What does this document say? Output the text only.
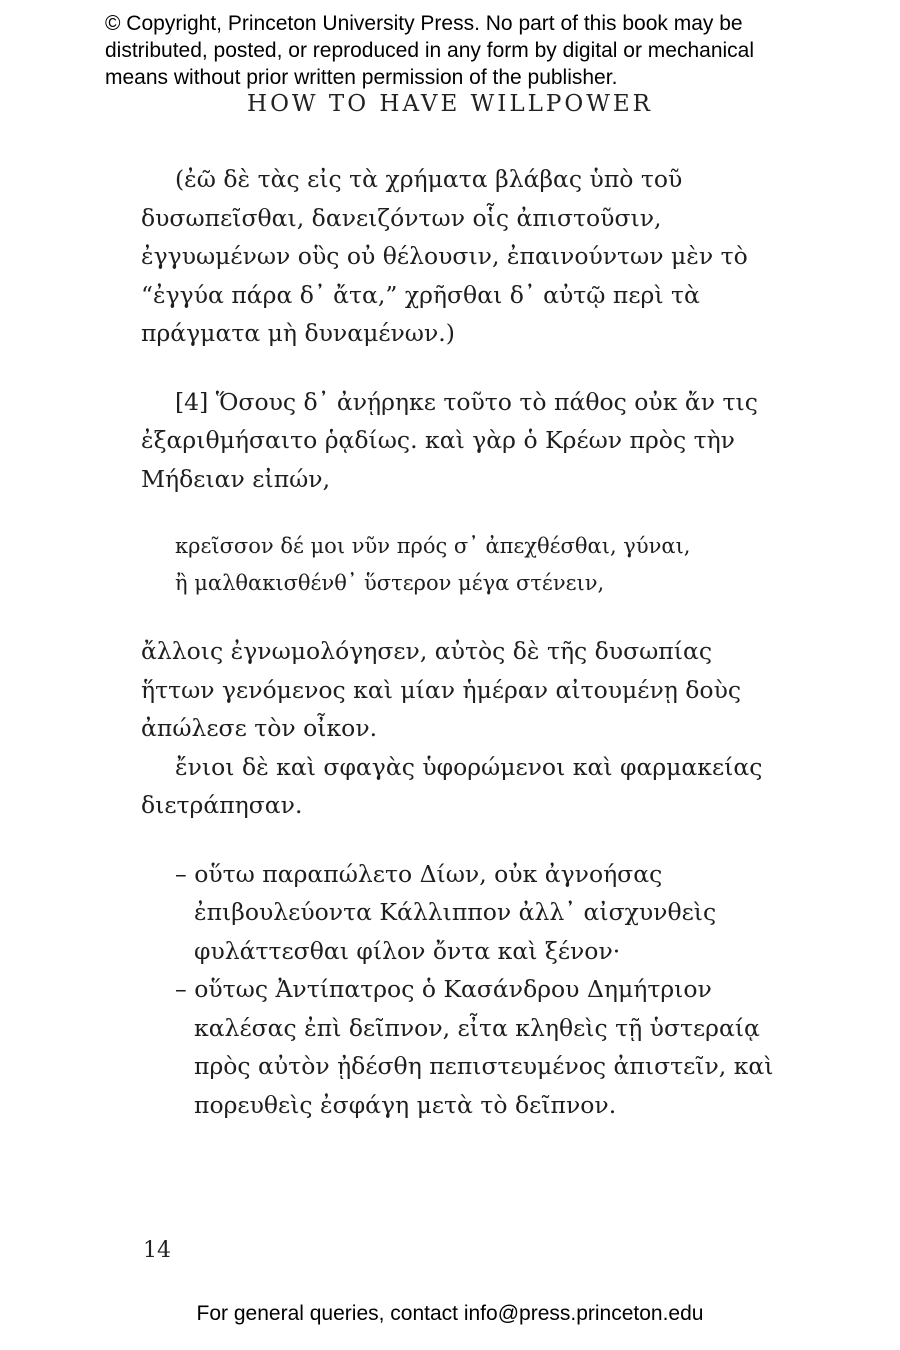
© Copyright, Princeton University Press. No part of this book may be
distributed, posted, or reproduced in any form by digital or mechanical
means without prior written permission of the publisher.
HOW TO HAVE WILLPOWER

(ἐῶ δὲ τὰς εἰς τὰ χρήματα βλάβας ὑπὸ τοῦ δυσωπεῖσθαι, δανειζόντων οἷς ἀπιστοῦσιν, ἐγγυωμένων οὓς οὐ θέλουσιν, ἐπαινούντων μὲν τὸ “ἐγγύα πάρα δ᾽ ἄτα,” χρῆσθαι δ᾽ αὐτῷ περὶ τὰ πράγματα μὴ δυναμένων.)

[4] Ὅσους δ᾽ ἀνῄρηκε τοῦτο τὸ πάθος οὐκ ἄν τις ἐξαριθμήσαιτο ῥᾳδίως. καὶ γὰρ ὁ Κρέων πρὸς τὴν Μήδειαν εἰπών,

κρεῖσσον δέ μοι νῦν πρός σ᾽ ἀπεχθέσθαι, γύναι,

ἢ μαλθακισθένθ᾽ ὕστερον μέγα στένειν,

ἄλλοις ἐγνωμολόγησεν, αὐτὸς δὲ τῆς δυσωπίας ἥττων γενόμενος καὶ μίαν ἡμέραν αἰτουμένῃ δοὺς ἀπώλεσε τὸν οἶκον.

ἔνιοι δὲ καὶ σφαγὰς ὑφορώμενοι καὶ φαρμακείας διετράπησαν.

– οὕτω παραπώλετο Δίων, οὐκ ἀγνοήσας ἐπιβουλεύοντα Κάλλιππον ἀλλ᾽ αἰσχυνθεὶς φυλάττεσθαι φίλον ὄντα καὶ ξένον·
– οὕτως Ἀντίπατρος ὁ Κασάνδρου Δημήτριον καλέσας ἐπὶ δεῖπνον, εἶτα κληθεὶς τῇ ὑστεραίᾳ πρὸς αὐτὸν ᾐδέσθη πεπιστευμένος ἀπιστεῖν, καὶ πορευθεὶς ἐσφάγη μετὰ τὸ δεῖπνον.
14
For general queries, contact info@press.princeton.edu
